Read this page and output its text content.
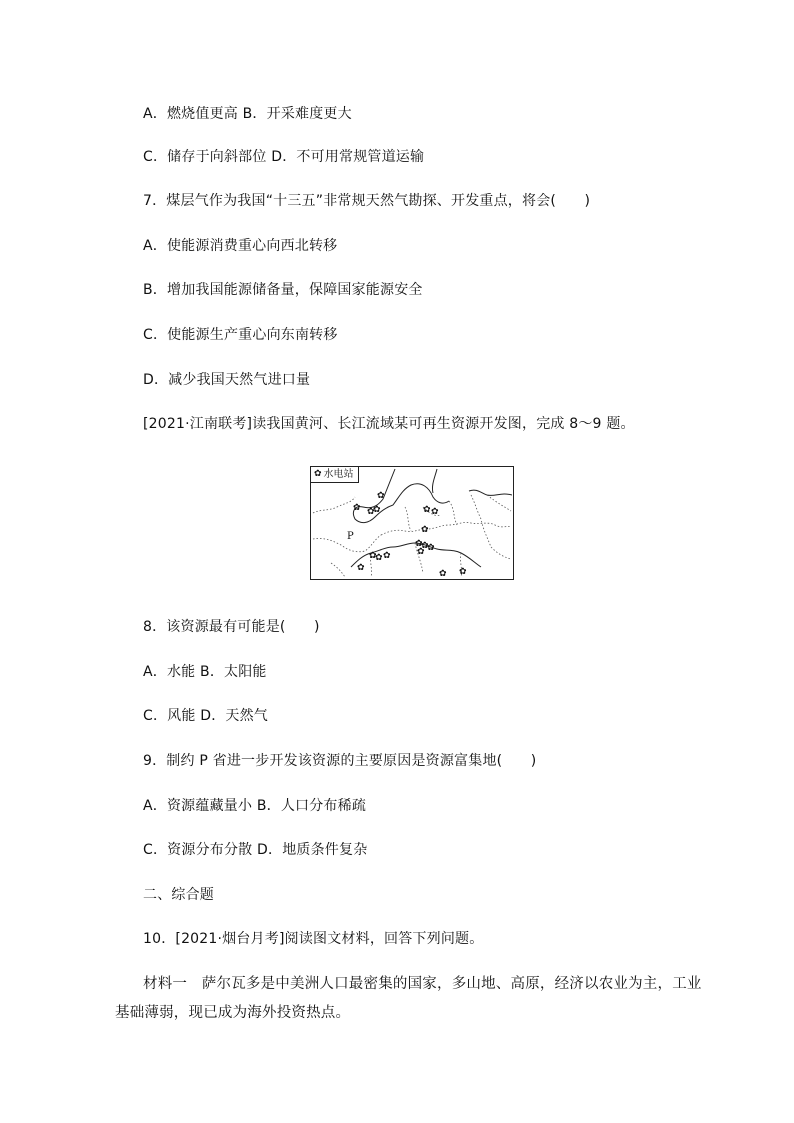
A．燃烧值更高 B．开采难度更大
C．储存于向斜部位 D．不可用常规管道运输
7．煤层气作为我国“十三五”非常规天然气勘探、开发重点，将会(　　)
A．使能源消费重心向西北转移
B．增加我国能源储备量，保障国家能源安全
C．使能源生产重心向东南转移
D．减少我国天然气进口量
[2021·江南联考]读我国黄河、长江流域某可再生资源开发图，完成 8～9 题。
✿ 水电站
P
✿
✿ ✿
✿	✿ ✿
✿
✿
✿
✿
✿
✿
✿ ✿
✿
✿ ✿
8．该资源最有可能是(　　)
A．水能 B．太阳能
C．风能 D．天然气
9．制约 P 省进一步开发该资源的主要原因是资源富集地(　　)
A．资源蕴藏量小 B．人口分布稀疏
C．资源分布分散 D．地质条件复杂
二、综合题
10．[2021·烟台月考]阅读图文材料，回答下列问题。
材料一　萨尔瓦多是中美洲人口最密集的国家，多山地、高原，经济以农业为主，工业
基础薄弱，现已成为海外投资热点。
